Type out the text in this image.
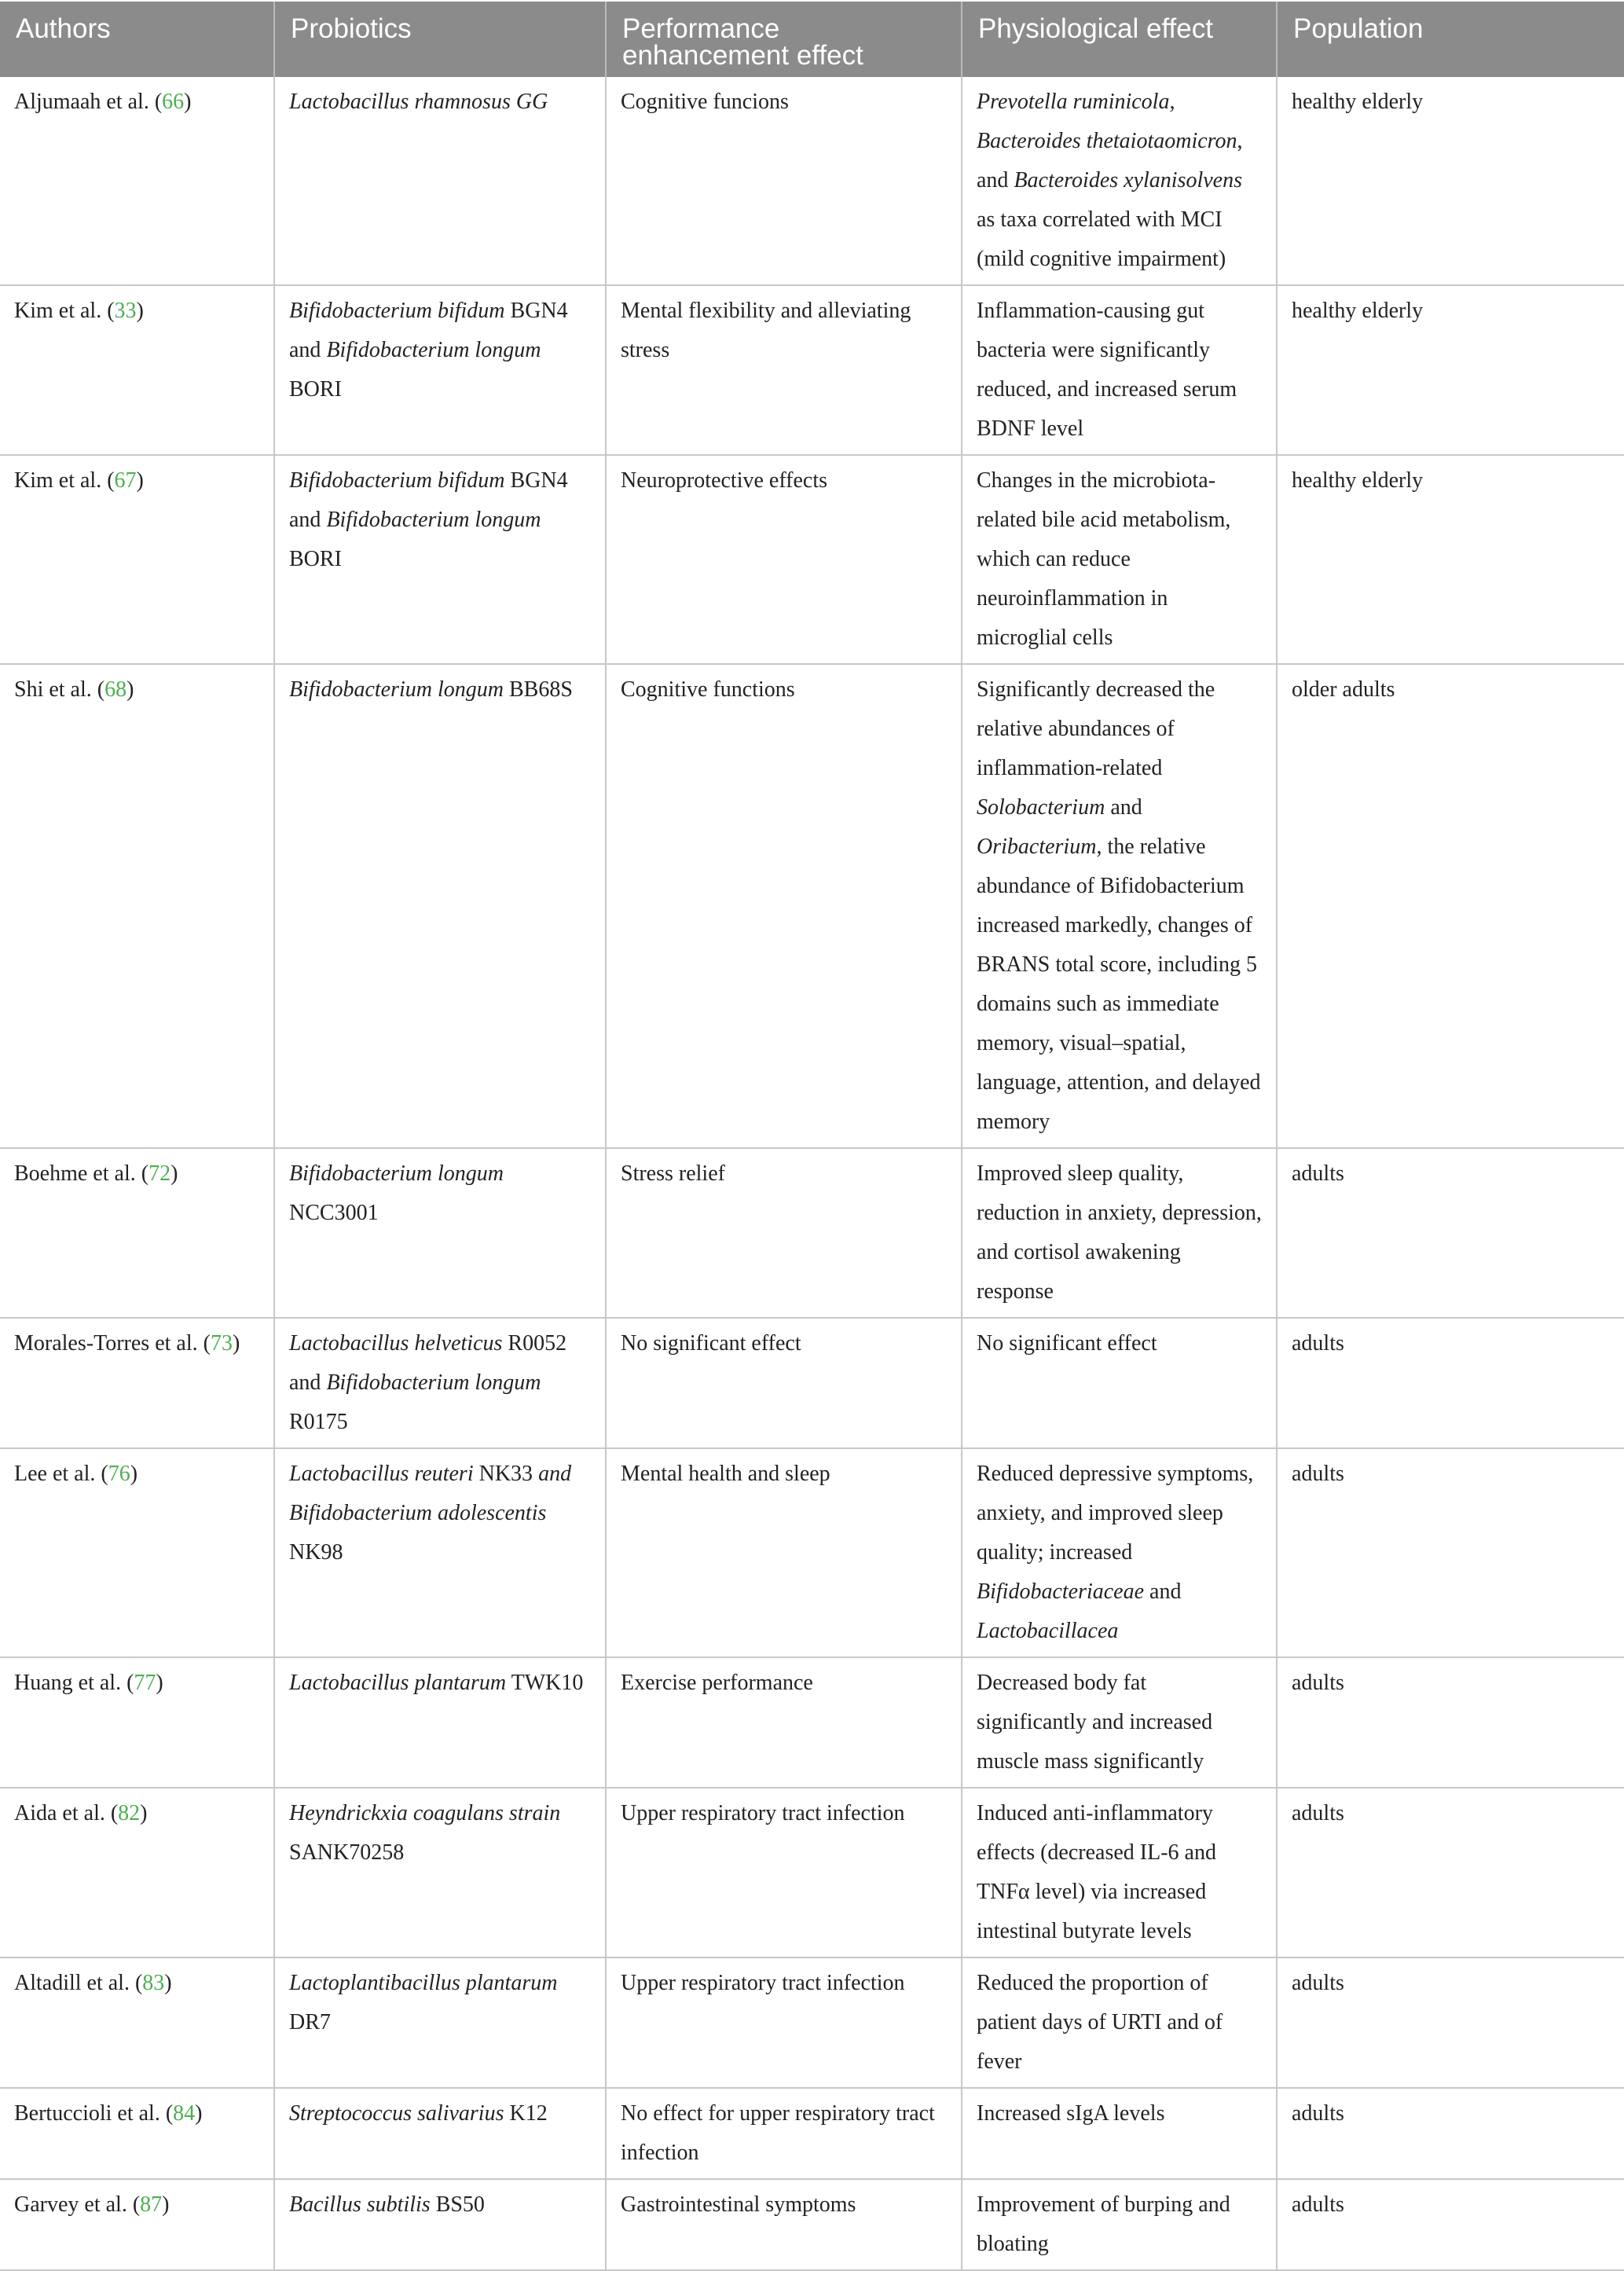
Authors	Probiotics	Performance enhancement effect	Physiological effect	Population
Aljumaah et al. (66)	Lactobacillus rhamnosus GG	Cognitive funcions	Prevotella ruminicola, Bacteroides thetaiotaomicron, and Bacteroides xylanisolvens as taxa correlated with MCI (mild cognitive impairment)	healthy elderly
Kim et al. (33)	Bifidobacterium bifidum BGN4 and Bifidobacterium longum BORI	Mental flexibility and alleviating stress	Inflammation-causing gut bacteria were significantly reduced, and increased serum BDNF level	healthy elderly
Kim et al. (67)	Bifidobacterium bifidum BGN4 and Bifidobacterium longum BORI	Neuroprotective effects	Changes in the microbiota-related bile acid metabolism, which can reduce neuroinflammation in microglial cells	healthy elderly
Shi et al. (68)	Bifidobacterium longum BB68S	Cognitive functions	Significantly decreased the relative abundances of inflammation-related Solobacterium and Oribacterium, the relative abundance of Bifidobacterium increased markedly, changes of BRANS total score, including 5 domains such as immediate memory, visual–spatial, language, attention, and delayed memory	older adults
Boehme et al. (72)	Bifidobacterium longum NCC3001	Stress relief	Improved sleep quality, reduction in anxiety, depression, and cortisol awakening response	adults
Morales-Torres et al. (73)	Lactobacillus helveticus R0052 and Bifidobacterium longum R0175	No significant effect	No significant effect	adults
Lee et al. (76)	Lactobacillus reuteri NK33 and Bifidobacterium adolescentis NK98	Mental health and sleep	Reduced depressive symptoms, anxiety, and improved sleep quality; increased Bifidobacteriaceae and Lactobacillacea	adults
Huang et al. (77)	Lactobacillus plantarum TWK10	Exercise performance	Decreased body fat significantly and increased muscle mass significantly	adults
Aida et al. (82)	Heyndrickxia coagulans strain SANK70258	Upper respiratory tract infection	Induced anti-inflammatory effects (decreased IL-6 and TNFα level) via increased intestinal butyrate levels	adults
Altadill et al. (83)	Lactoplantibacillus plantarum DR7	Upper respiratory tract infection	Reduced the proportion of patient days of URTI and of fever	adults
Bertuccioli et al. (84)	Streptococcus salivarius K12	No effect for upper respiratory tract infection	Increased sIgA levels	adults
Garvey et al. (87)	Bacillus subtilis BS50	Gastrointestinal symptoms	Improvement of burping and bloating	adults
